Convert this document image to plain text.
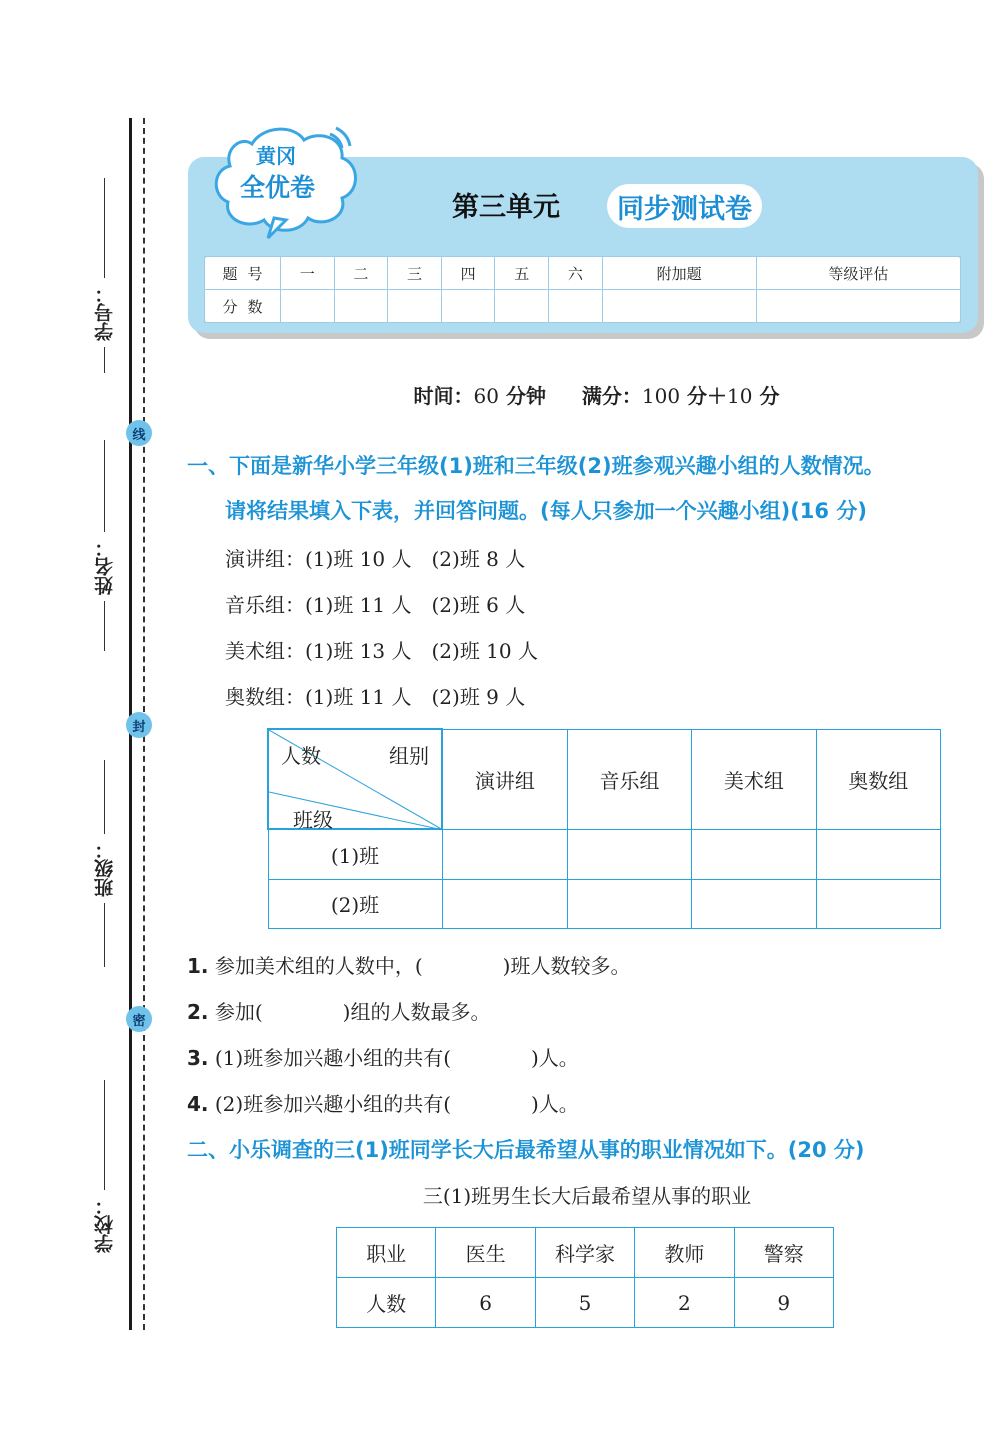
学号：
姓名：
班级：
学校：
线
封
密
黄冈
全优卷
第三单元	同步测试卷
题号	一	二	三	四	五	六	附加题	等级评估
分数								
时间：60 分钟 满分：100 分＋10 分
一、下面是新华小学三年级(1)班和三年级(2)班参观兴趣小组的人数情况。
请将结果填入下表，并回答问题。(每人只参加一个兴趣小组)(16 分)
演讲组：(1)班 10 人　(2)班 8 人
音乐组：(1)班 11 人　(2)班 6 人
美术组：(1)班 13 人　(2)班 10 人
奥数组：(1)班 11 人　(2)班 9 人
人数 组别
班级	演讲组	音乐组	美术组	奥数组
(1)班				
(2)班				
1. 参加美术组的人数中，(　　　　)班人数较多。
2. 参加(　　　　)组的人数最多。
3. (1)班参加兴趣小组的共有(　　　　)人。
4. (2)班参加兴趣小组的共有(　　　　)人。
二、小乐调查的三(1)班同学长大后最希望从事的职业情况如下。(20 分)
三(1)班男生长大后最希望从事的职业
职业	医生	科学家	教师	警察
人数	6	5	2	9
